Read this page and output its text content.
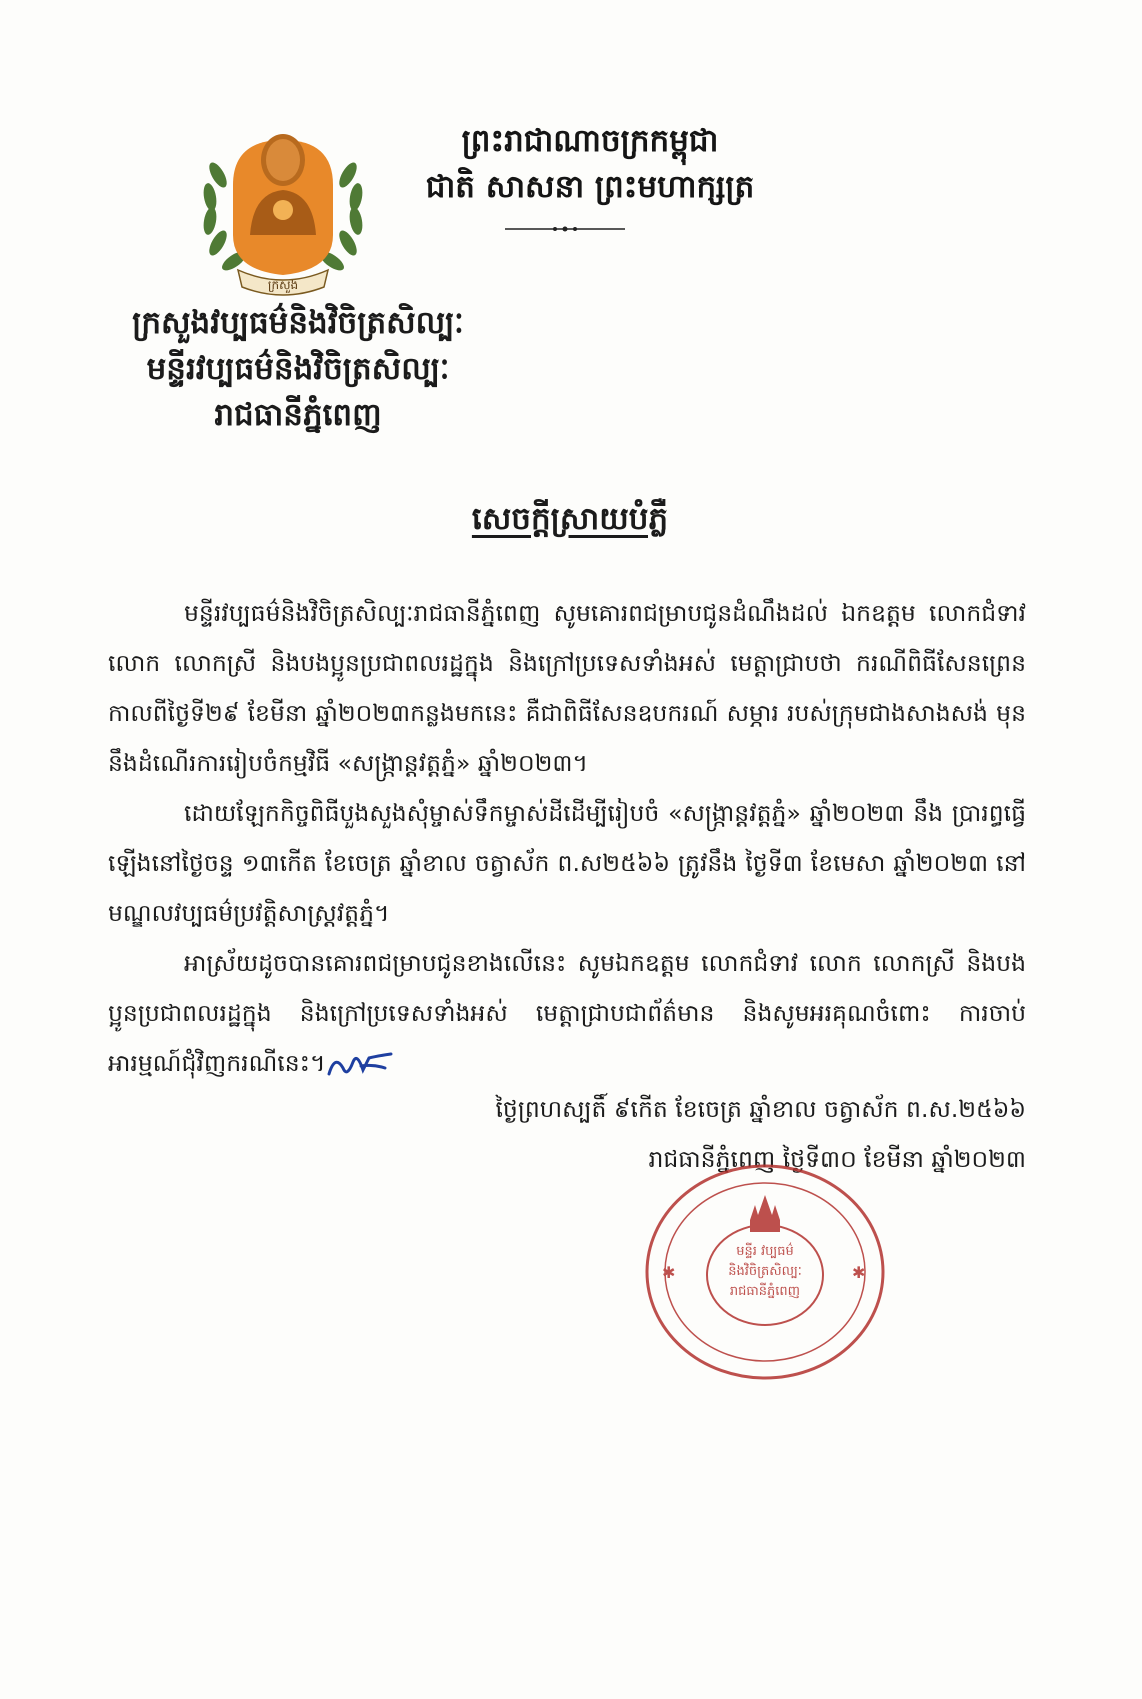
ក្រសួង
ព្រះរាជាណាចក្រកម្ពុជា
ជាតិ សាសនា ព្រះមហាក្សត្រ
ក្រសួងវប្បធម៌និងវិចិត្រសិល្បៈ
មន្ទីរវប្បធម៌និងវិចិត្រសិល្បៈ
រាជធានីភ្នំពេញ
សេចក្តីស្រាយបំភ្លឺ

មន្ទីរវប្បធម៌និងវិចិត្រសិល្បៈរាជធានីភ្នំពេញ សូមគោរពជម្រាបជូនដំណឹងដល់ ឯកឧត្តម លោកជំទាវ លោក លោកស្រី និងបងប្អូនប្រជាពលរដ្ឋក្នុង និងក្រៅប្រទេសទាំងអស់ មេត្តាជ្រាបថា ករណីពិធីសែនព្រេនកាលពីថ្ងៃទី២៩ ខែមីនា ឆ្នាំ២០២៣កន្លងមកនេះ គឺជាពិធីសែនឧបករណ៍ សម្ភារ របស់ក្រុមជាងសាងសង់ មុននឹងដំណើរការរៀបចំកម្មវិធី «សង្ក្រាន្តវត្តភ្នំ» ឆ្នាំ២០២៣។

ដោយឡែកកិច្ចពិធីបួងសួងសុំម្ចាស់ទឹកម្ចាស់ដីដើម្បីរៀបចំ «សង្ក្រាន្តវត្តភ្នំ» ឆ្នាំ២០២៣ នឹង ប្រារព្ធធ្វើឡើងនៅថ្ងៃចន្ទ ១៣កើត ខែចេត្រ ឆ្នាំខាល ចត្វាស័ក ព.ស២៥៦៦ ត្រូវនឹង ថ្ងៃទី៣ ខែមេសា ឆ្នាំ២០២៣ នៅមណ្ឌលវប្បធម៌ប្រវត្តិសាស្ត្រវត្តភ្នំ។

អាស្រ័យដូចបានគោរពជម្រាបជូនខាងលើនេះ សូមឯកឧត្តម លោកជំទាវ លោក លោកស្រី និងបងប្អូនប្រជាពលរដ្ឋក្នុង និងក្រៅប្រទេសទាំងអស់ មេត្តាជ្រាបជាព័ត៌មាន និងសូមអរគុណចំពោះ ការចាប់អារម្មណ៍ជុំវិញករណីនេះ។

ថ្ងៃព្រហស្បតិ៍ ៩កើត ខែចេត្រ ឆ្នាំខាល ចត្វាស័ក ព.ស.២៥៦៦
រាជធានីភ្នំពេញ ថ្ងៃទី៣០ ខែមីនា ឆ្នាំ២០២៣
✱	✱
មន្ទីរ វប្បធម៌
និងវិចិត្រសិល្បៈ
រាជធានីភ្នំពេញ
